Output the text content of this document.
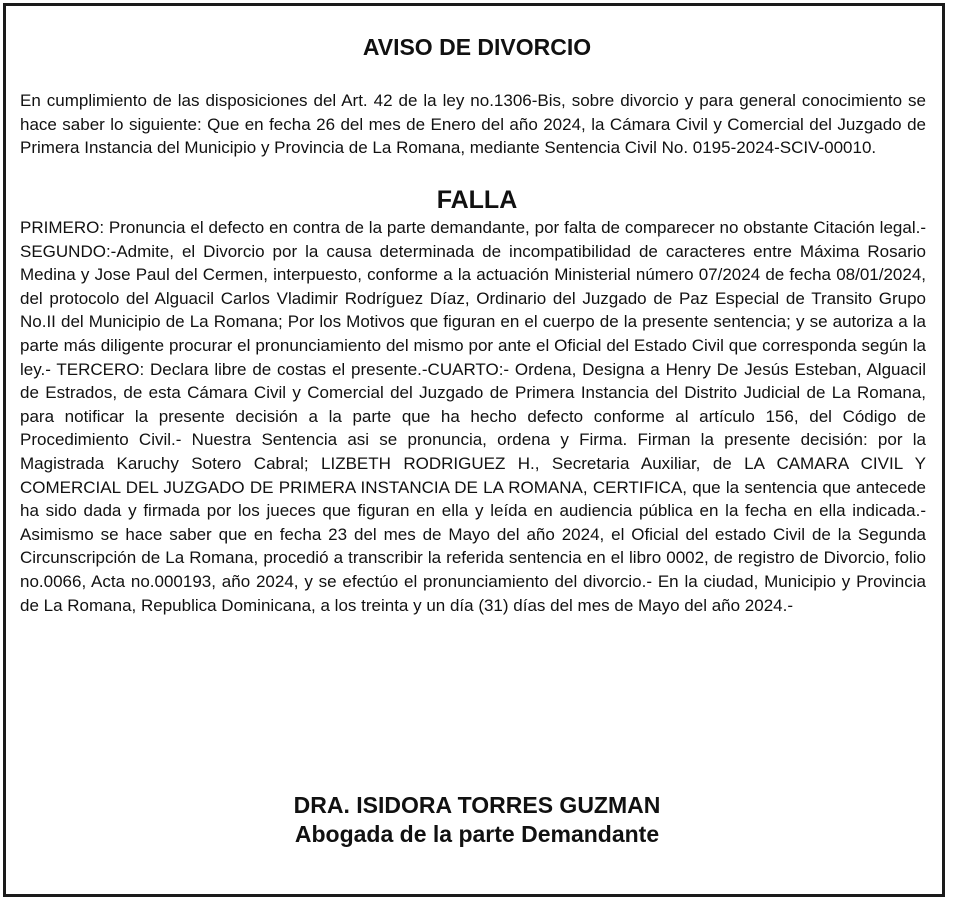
AVISO DE DIVORCIO

En cumplimiento de las disposiciones del Art. 42 de la ley no.1306-Bis, sobre divorcio y para general conocimiento se hace saber lo siguiente: Que en fecha 26 del mes de Enero del año 2024, la Cámara Civil y Comercial del Juzgado de Primera Instancia del Municipio y Provincia de La Romana, mediante Sentencia Civil No. 0195-2024-SCIV-00010.

FALLA

PRIMERO: Pronuncia el defecto en contra de la parte demandante, por falta de comparecer no obstante Citación legal.-SEGUNDO:-Admite, el Divorcio por la causa determinada de incompatibilidad de caracteres entre Máxima Rosario Medina y Jose Paul del Cermen, interpuesto, conforme a la actuación Ministerial número 07/2024 de fecha 08/01/2024, del protocolo del Alguacil Carlos Vladimir Rodríguez Díaz, Ordinario del Juzgado de Paz Especial de Transito Grupo No.II del Municipio de La Romana; Por los Motivos que figuran en el cuerpo de la presente sentencia; y se autoriza a la parte más diligente procurar el pronunciamiento del mismo por ante el Oficial del Estado Civil que corresponda según la ley.- TERCERO: Declara libre de costas el presente.-CUARTO:- Ordena, Designa a Henry De Jesús Esteban, Alguacil de Estrados, de esta Cámara Civil y Comercial del Juzgado de Primera Instancia del Distrito Judicial de La Romana, para notificar la presente decisión a la parte que ha hecho defecto conforme al artículo 156, del Código de Procedimiento Civil.- Nuestra Sentencia asi se pronuncia, ordena y Firma. Firman la presente decisión: por la Magistrada Karuchy Sotero Cabral; LIZBETH RODRIGUEZ H., Secretaria Auxiliar, de LA CAMARA CIVIL Y COMERCIAL DEL JUZGADO DE PRIMERA INSTANCIA DE LA ROMANA, CERTIFICA, que la sentencia que antecede ha sido dada y firmada por los jueces que figuran en ella y leída en audiencia pública en la fecha en ella indicada.-Asimismo se hace saber que en fecha 23 del mes de Mayo del año 2024, el Oficial del estado Civil de la Segunda Circunscripción de La Romana, procedió a transcribir la referida sentencia en el libro 0002, de registro de Divorcio, folio no.0066, Acta no.000193, año 2024, y se efectúo el pronunciamiento del divorcio.- En la ciudad, Municipio y Provincia de La Romana, Republica Dominicana, a los treinta y un día (31) días del mes de Mayo del año 2024.-

DRA. ISIDORA TORRES GUZMAN
Abogada de la parte Demandante
